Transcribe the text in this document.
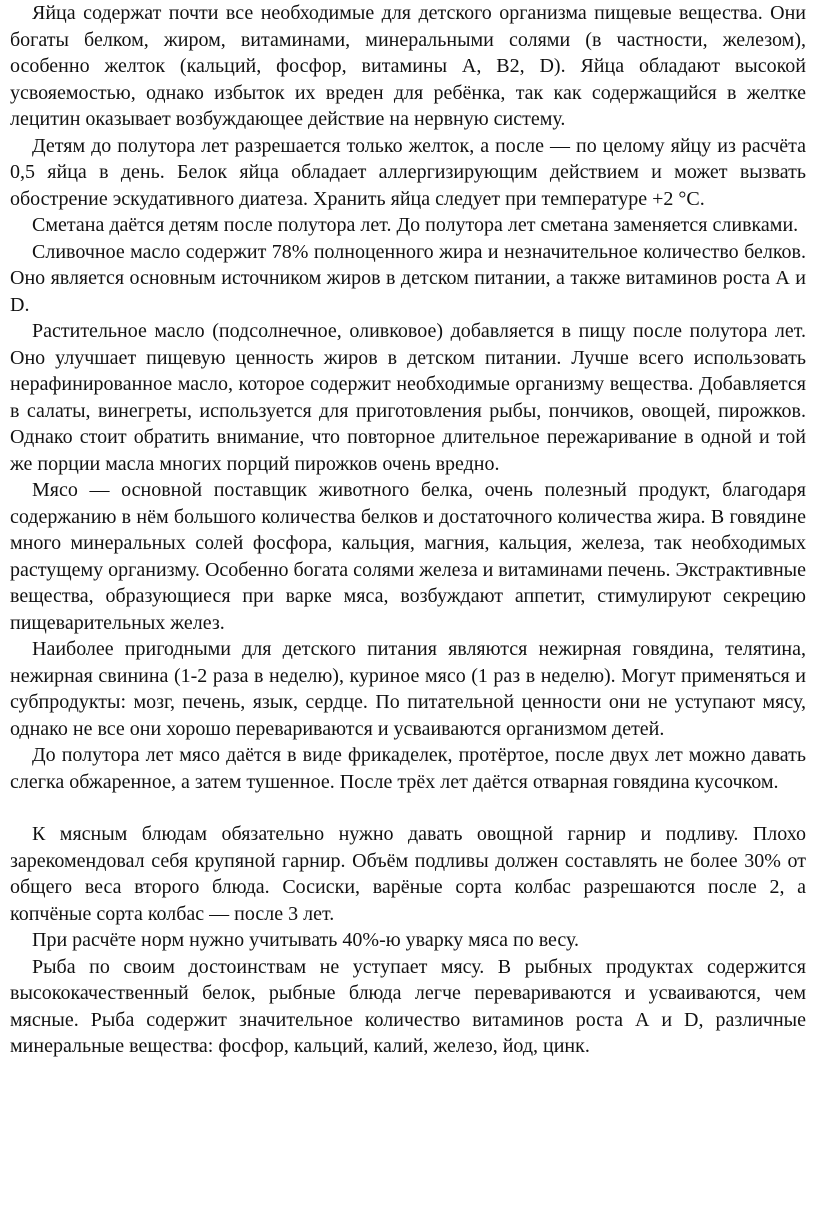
Яйца содержат почти все необходимые для детского организма пищевые вещества. Они богаты белком, жиром, витаминами, минеральными солями (в частности, железом), особенно желток (кальций, фосфор, витамины А, В2, D). Яйца обладают высокой усвояемостью, однако избыток их вреден для ребёнка, так как содержащийся в желтке лецитин оказывает возбуждающее действие на нервную систему.

Детям до полутора лет разрешается только желток, а после — по целому яйцу из расчёта 0,5 яйца в день. Белок яйца обладает аллергизирующим действием и может вызвать обострение эскудативного диатеза. Хранить яйца следует при температуре +2 °С.

Сметана даётся детям после полутора лет. До полутора лет сметана заменяется сливками.

Сливочное масло содержит 78% полноценного жира и незначительное количество белков. Оно является основным источником жиров в детском питании, а также витаминов роста А и D.

Растительное масло (подсолнечное, оливковое) добавляется в пищу после полутора лет. Оно улучшает пищевую ценность жиров в детском питании. Лучше всего использовать нерафинированное масло, которое содержит необходимые организму вещества. Добавляется в салаты, винегреты, используется для приготовления рыбы, пончиков, овощей, пирожков. Однако стоит обратить внимание, что повторное длительное пережаривание в одной и той же порции масла многих порций пирожков очень вредно.

Мясо — основной поставщик животного белка, очень полезный продукт, благодаря содержанию в нём большого количества белков и достаточного количества жира. В говядине много минеральных солей фосфора, кальция, магния, кальция, железа, так необходимых растущему организму. Особенно богата солями железа и витаминами печень. Экстрактивные вещества, образующиеся при варке мяса, возбуждают аппетит, стимулируют секрецию пищеварительных желез.

Наиболее пригодными для детского питания являются нежирная говядина, телятина, нежирная свинина (1-2 раза в неделю), куриное мясо (1 раз в неделю). Могут применяться и субпродукты: мозг, печень, язык, сердце. По питательной ценности они не уступают мясу, однако не все они хорошо перевариваются и усваиваются организмом детей.

До полутора лет мясо даётся в виде фрикаделек, протёртое, после двух лет можно давать слегка обжаренное, а затем тушенное. После трёх лет даётся отварная говядина кусочком.

К мясным блюдам обязательно нужно давать овощной гарнир и подливу. Плохо зарекомендовал себя крупяной гарнир. Объём подливы должен составлять не более 30% от общего веса второго блюда. Сосиски, варёные сорта колбас разрешаются после 2, а копчёные сорта колбас — после 3 лет.

При расчёте норм нужно учитывать 40%-ю уварку мяса по весу.

Рыба по своим достоинствам не уступает мясу. В рыбных продуктах содержится высококачественный белок, рыбные блюда легче перевариваются и усваиваются, чем мясные. Рыба содержит значительное количество витаминов роста А и D, различные минеральные вещества: фосфор, кальций, калий, железо, йод, цинк.
